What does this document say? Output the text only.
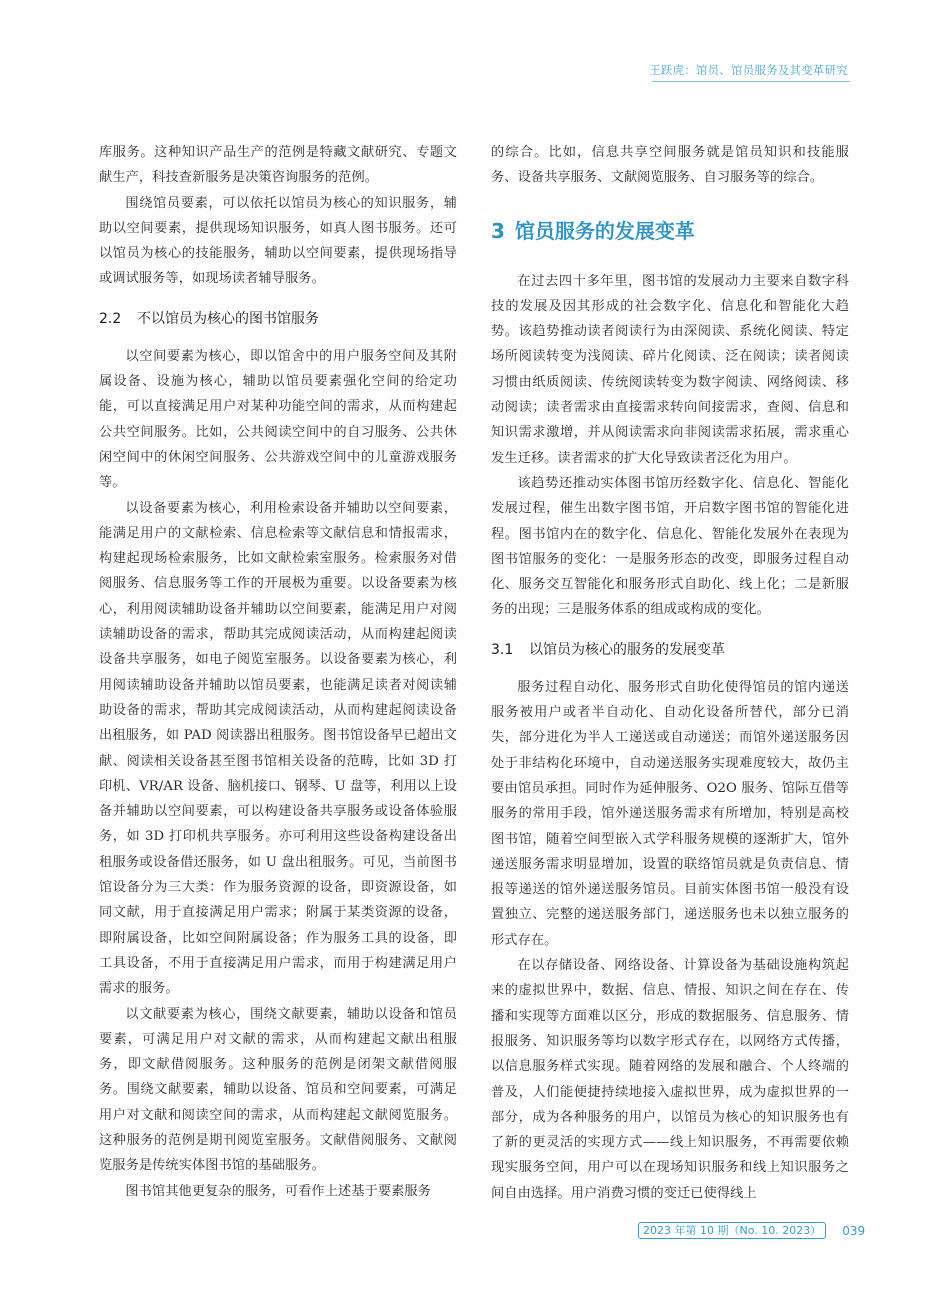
王跃虎：馆员、馆员服务及其变革研究

库服务。这种知识产品生产的范例是特藏文献研究、专题文献生产，科技查新服务是决策咨询服务的范例。

围绕馆员要素，可以依托以馆员为核心的知识服务，辅助以空间要素，提供现场知识服务，如真人图书服务。还可以馆员为核心的技能服务，辅助以空间要素，提供现场指导或调试服务等，如现场读者辅导服务。

2.2 不以馆员为核心的图书馆服务

以空间要素为核心，即以馆舍中的用户服务空间及其附属设备、设施为核心，辅助以馆员要素强化空间的给定功能，可以直接满足用户对某种功能空间的需求，从而构建起公共空间服务。比如，公共阅读空间中的自习服务、公共休闲空间中的休闲空间服务、公共游戏空间中的儿童游戏服务等。

以设备要素为核心，利用检索设备并辅助以空间要素，能满足用户的文献检索、信息检索等文献信息和情报需求，构建起现场检索服务，比如文献检索室服务。检索服务对借阅服务、信息服务等工作的开展极为重要。以设备要素为核心，利用阅读辅助设备并辅助以空间要素，能满足用户对阅读辅助设备的需求，帮助其完成阅读活动，从而构建起阅读设备共享服务，如电子阅览室服务。以设备要素为核心，利用阅读辅助设备并辅助以馆员要素，也能满足读者对阅读辅助设备的需求，帮助其完成阅读活动，从而构建起阅读设备出租服务，如 PAD 阅读器出租服务。图书馆设备早已超出文献、阅读相关设备甚至图书馆相关设备的范畴，比如 3D 打印机、VR/AR 设备、脑机接口、钢琴、U 盘等，利用以上设备并辅助以空间要素，可以构建设备共享服务或设备体验服务，如 3D 打印机共享服务。亦可利用这些设备构建设备出租服务或设备借还服务，如 U 盘出租服务。可见，当前图书馆设备分为三大类：作为服务资源的设备，即资源设备，如同文献，用于直接满足用户需求；附属于某类资源的设备，即附属设备，比如空间附属设备；作为服务工具的设备，即工具设备，不用于直接满足用户需求，而用于构建满足用户需求的服务。

以文献要素为核心，围绕文献要素，辅助以设备和馆员要素，可满足用户对文献的需求，从而构建起文献出租服务，即文献借阅服务。这种服务的范例是闭架文献借阅服务。围绕文献要素，辅助以设备、馆员和空间要素，可满足用户对文献和阅读空间的需求，从而构建起文献阅览服务。这种服务的范例是期刊阅览室服务。文献借阅服务、文献阅览服务是传统实体图书馆的基础服务。

图书馆其他更复杂的服务，可看作上述基于要素服务

的综合。比如，信息共享空间服务就是馆员知识和技能服务、设备共享服务、文献阅览服务、自习服务等的综合。

3 馆员服务的发展变革

在过去四十多年里，图书馆的发展动力主要来自数字科技的发展及因其形成的社会数字化、信息化和智能化大趋势。该趋势推动读者阅读行为由深阅读、系统化阅读、特定场所阅读转变为浅阅读、碎片化阅读、泛在阅读；读者阅读习惯由纸质阅读、传统阅读转变为数字阅读、网络阅读、移动阅读；读者需求由直接需求转向间接需求，查阅、信息和知识需求激增，并从阅读需求向非阅读需求拓展，需求重心发生迁移。读者需求的扩大化导致读者泛化为用户。

该趋势还推动实体图书馆历经数字化、信息化、智能化发展过程，催生出数字图书馆，开启数字图书馆的智能化进程。图书馆内在的数字化、信息化、智能化发展外在表现为图书馆服务的变化：一是服务形态的改变，即服务过程自动化、服务交互智能化和服务形式自助化、线上化；二是新服务的出现；三是服务体系的组成或构成的变化。

3.1 以馆员为核心的服务的发展变革

服务过程自动化、服务形式自助化使得馆员的馆内递送服务被用户或者半自动化、自动化设备所替代，部分已消失，部分进化为半人工递送或自动递送；而馆外递送服务因处于非结构化环境中，自动递送服务实现难度较大，故仍主要由馆员承担。同时作为延伸服务、O2O 服务、馆际互借等服务的常用手段，馆外递送服务需求有所增加，特别是高校图书馆，随着空间型嵌入式学科服务规模的逐渐扩大，馆外递送服务需求明显增加，设置的联络馆员就是负责信息、情报等递送的馆外递送服务馆员。目前实体图书馆一般没有设置独立、完整的递送服务部门，递送服务也未以独立服务的形式存在。

在以存储设备、网络设备、计算设备为基础设施构筑起来的虚拟世界中，数据、信息、情报、知识之间在存在、传播和实现等方面难以区分，形成的数据服务、信息服务、情报服务、知识服务等均以数字形式存在，以网络方式传播，以信息服务样式实现。随着网络的发展和融合、个人终端的普及，人们能便捷持续地接入虚拟世界，成为虚拟世界的一部分，成为各种服务的用户，以馆员为核心的知识服务也有了新的更灵活的实现方式——线上知识服务，不再需要依赖现实服务空间，用户可以在现场知识服务和线上知识服务之间自由选择。用户消费习惯的变迁已使得线上

2023 年第 10 期（No. 10. 2023）	039
